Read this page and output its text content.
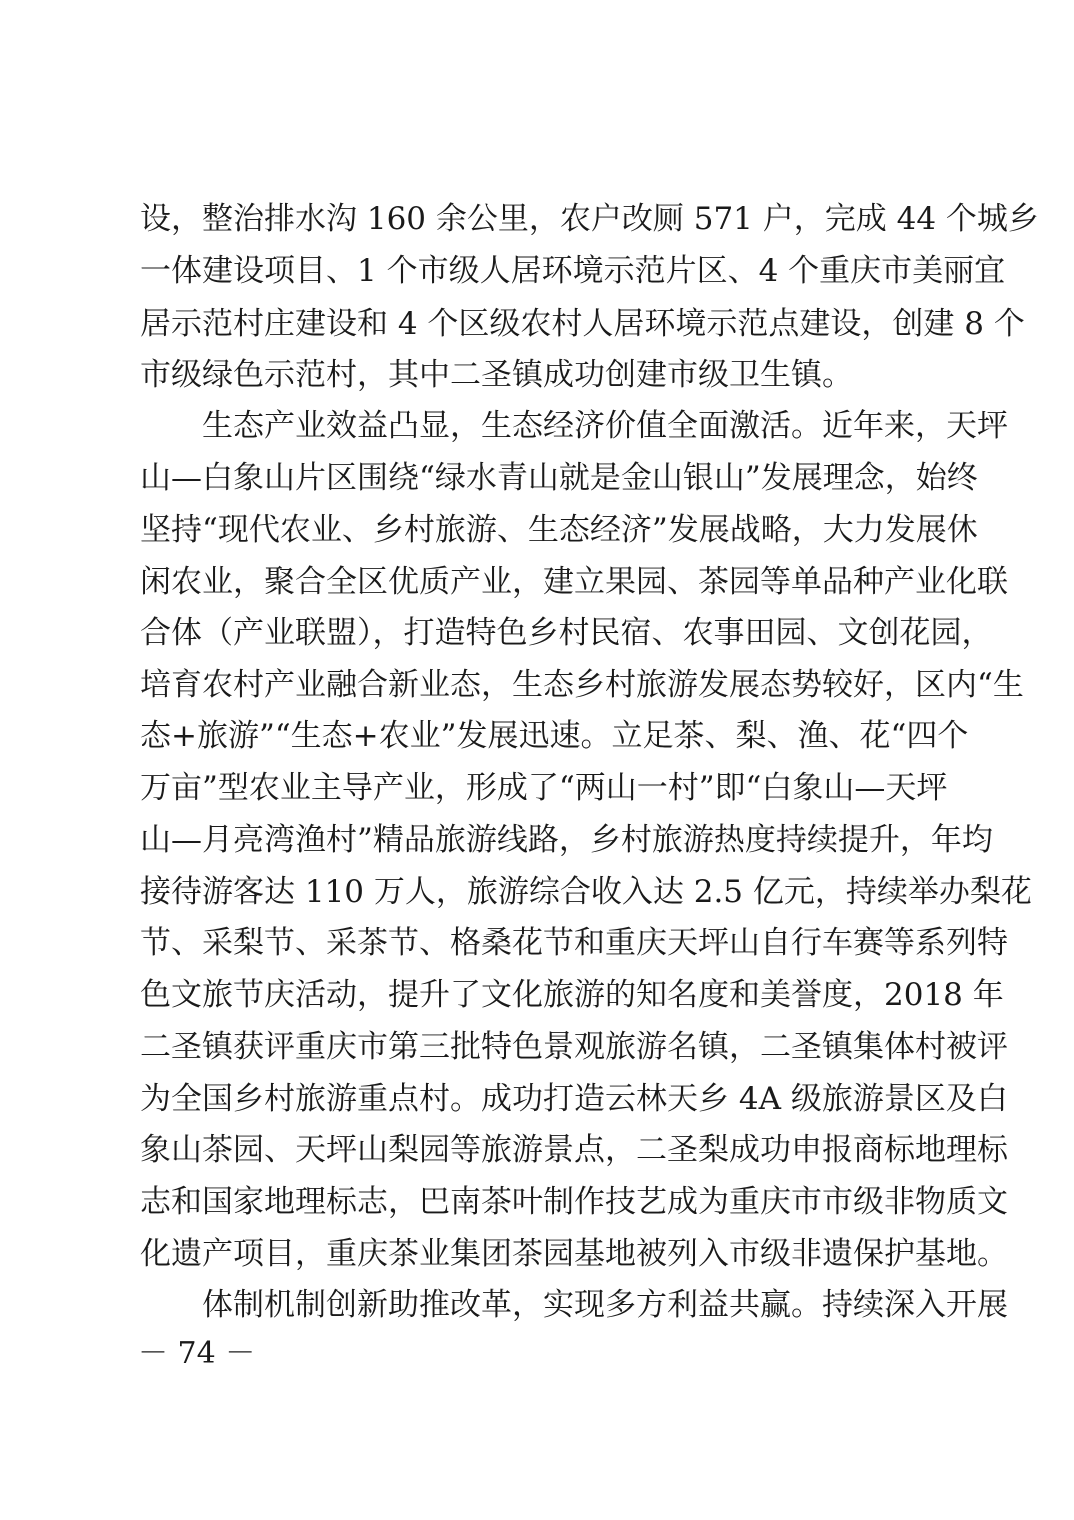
设，整治排水沟 160 余公里，农户改厕 571 户，完成 44 个城乡
一体建设项目、1 个市级人居环境示范片区、4 个重庆市美丽宜
居示范村庄建设和 4 个区级农村人居环境示范点建设，创建 8 个
市级绿色示范村，其中二圣镇成功创建市级卫生镇。
生态产业效益凸显，生态经济价值全面激活。近年来，天坪
山—白象山片区围绕“绿水青山就是金山银山”发展理念，始终
坚持“现代农业、乡村旅游、生态经济”发展战略，大力发展休
闲农业，聚合全区优质产业，建立果园、茶园等单品种产业化联
合体（产业联盟），打造特色乡村民宿、农事田园、文创花园，
培育农村产业融合新业态，生态乡村旅游发展态势较好，区内“生
态+旅游”“生态+农业”发展迅速。立足茶、梨、渔、花“四个
万亩”型农业主导产业，形成了“两山一村”即“白象山—天坪
山—月亮湾渔村”精品旅游线路，乡村旅游热度持续提升，年均
接待游客达 110 万人，旅游综合收入达 2.5 亿元，持续举办梨花
节、采梨节、采茶节、格桑花节和重庆天坪山自行车赛等系列特
色文旅节庆活动，提升了文化旅游的知名度和美誉度，2018 年
二圣镇获评重庆市第三批特色景观旅游名镇，二圣镇集体村被评
为全国乡村旅游重点村。成功打造云林天乡 4A 级旅游景区及白
象山茶园、天坪山梨园等旅游景点，二圣梨成功申报商标地理标
志和国家地理标志，巴南茶叶制作技艺成为重庆市市级非物质文
化遗产项目，重庆茶业集团茶园基地被列入市级非遗保护基地。
体制机制创新助推改革，实现多方利益共赢。持续深入开展
－ 74 －
